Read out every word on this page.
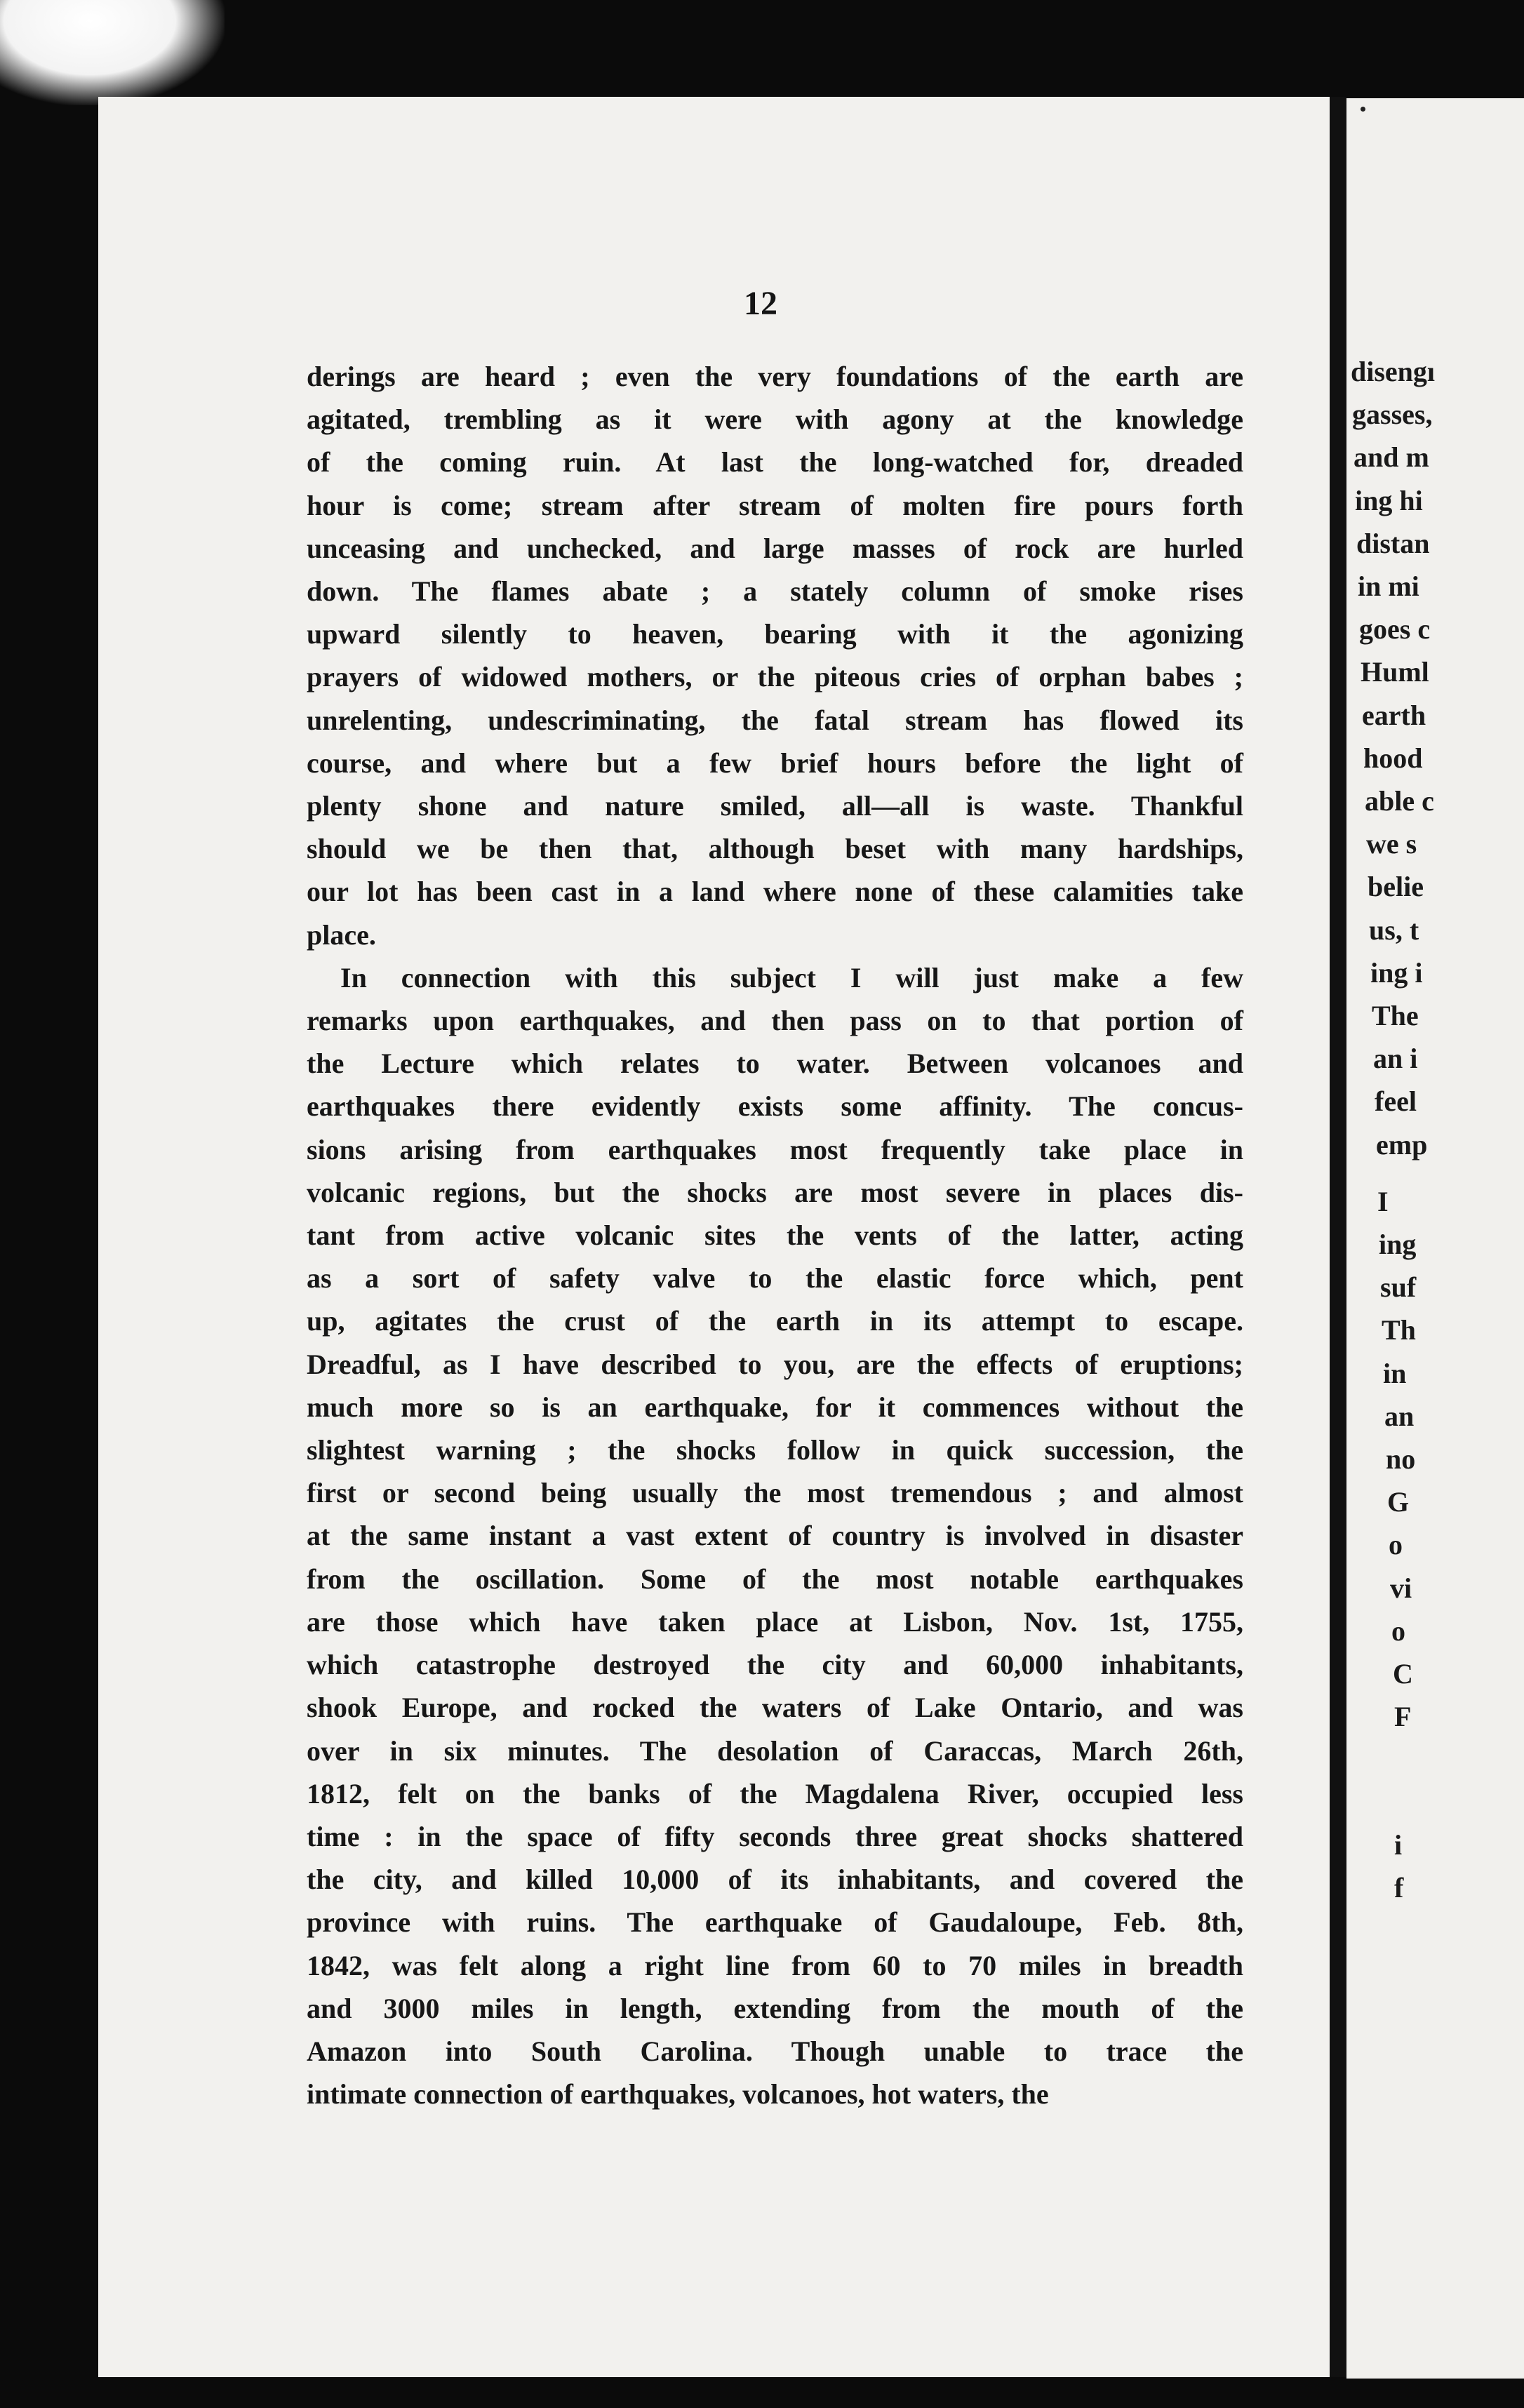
12

derings are heard ; even the very foundations of the earth are
agitated, trembling as it were with agony at the knowledge
of the coming ruin. At last the long-watched for, dreaded
hour is come; stream after stream of molten fire pours forth
unceasing and unchecked, and large masses of rock are hurled
down. The flames abate ; a stately column of smoke rises
upward silently to heaven, bearing with it the agonizing
prayers of widowed mothers, or the piteous cries of orphan babes ;
unrelenting, undescriminating, the fatal stream has flowed its
course, and where but a few brief hours before the light of
plenty shone and nature smiled, all—all is waste. Thankful
should we be then that, although beset with many hardships,
our lot has been cast in a land where none of these calamities take
place.
In connection with this subject I will just make a few
remarks upon earthquakes, and then pass on to that portion of
the Lecture which relates to water. Between volcanoes and
earthquakes there evidently exists some affinity. The concus-
sions arising from earthquakes most frequently take place in
volcanic regions, but the shocks are most severe in places dis-
tant from active volcanic sites the vents of the latter, acting
as a sort of safety valve to the elastic force which, pent
up, agitates the crust of the earth in its attempt to escape.
Dreadful, as I have described to you, are the effects of eruptions;
much more so is an earthquake, for it commences without the
slightest warning ; the shocks follow in quick succession, the
first or second being usually the most tremendous ; and almost
at the same instant a vast extent of country is involved in disaster
from the oscillation. Some of the most notable earthquakes
are those which have taken place at Lisbon, Nov. 1st, 1755,
which catastrophe destroyed the city and 60,000 inhabitants,
shook Europe, and rocked the waters of Lake Ontario, and was
over in six minutes. The desolation of Caraccas, March 26th,
1812, felt on the banks of the Magdalena River, occupied less
time : in the space of fifty seconds three great shocks shattered
the city, and killed 10,000 of its inhabitants, and covered the
province with ruins. The earthquake of Gaudaloupe, Feb. 8th,
1842, was felt along a right line from 60 to 70 miles in breadth
and 3000 miles in length, extending from the mouth of the
Amazon into South Carolina. Though unable to trace the
intimate connection of earthquakes, volcanoes, hot waters, the

disengı

gasses,

and m

ing hi

distan

in mi

goes c

Huml

earth

hood

able c

we s

belie

us, t

ing i

The

an i

feel

emp

I

ing

suf

Th

in

an

no

G

o

vi

o

C

F

i

f
